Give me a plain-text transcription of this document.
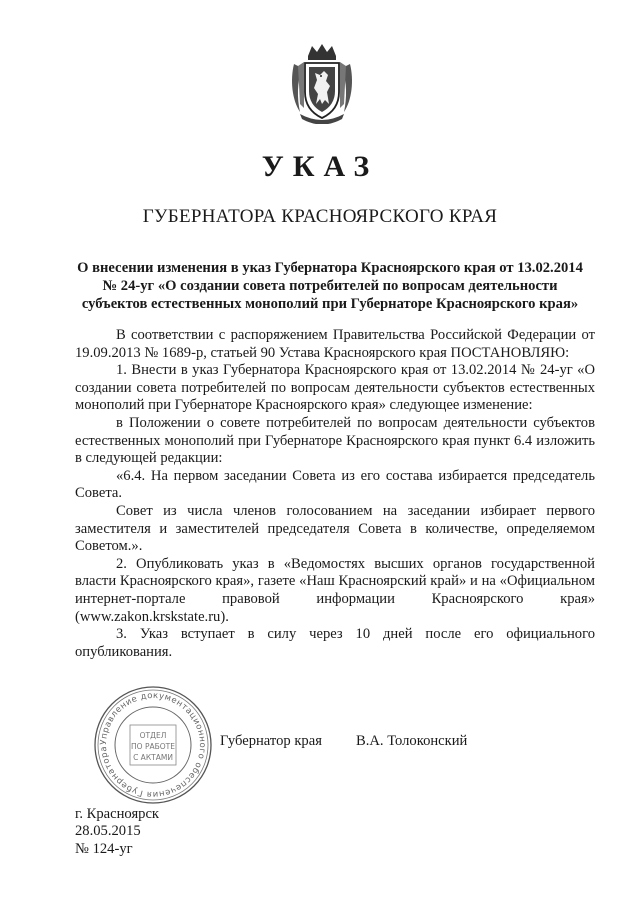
УКАЗ
ГУБЕРНАТОРА КРАСНОЯРСКОГО КРАЯ
О внесении изменения в указ Губернатора Красноярского края от 13.02.2014
№ 24-уг «О создании совета потребителей по вопросам деятельности
субъектов естественных монополий при Губернаторе Красноярского края»

В соответствии с распоряжением Правительства Российской Федерации от 19.09.2013 № 1689-р, статьей 90 Устава Красноярского края ПОСТАНОВЛЯЮ:

1. Внести в указ Губернатора Красноярского края от 13.02.2014 № 24-уг «О создании совета потребителей по вопросам деятельности субъектов естественных монополий при Губернаторе Красноярского края» следующее изменение:

в Положении о совете потребителей по вопросам деятельности субъектов естественных монополий при Губернаторе Красноярского края пункт 6.4 изложить в следующей редакции:

«6.4. На первом заседании Совета из его состава избирается председатель Совета.

Совет из числа членов голосованием на заседании избирает первого заместителя и заместителей председателя Совета в количестве, определяемом Советом.».

2. Опубликовать указ в «Ведомостях высших органов государственной власти Красноярского края», газете «Наш Красноярский край» и на «Официальном интернет-портале правовой информации Красноярского края» (www.zakon.krskstate.ru).

3. Указ вступает в силу через 10 дней после его официального опубликования.

Губернатор края В.А. Толоконский
Управление документационного обеспечения Губернатора
ОТДЕЛ
ПО РАБОТЕ
С АКТАМИ
г. Красноярск
28.05.2015
№ 124-уг
